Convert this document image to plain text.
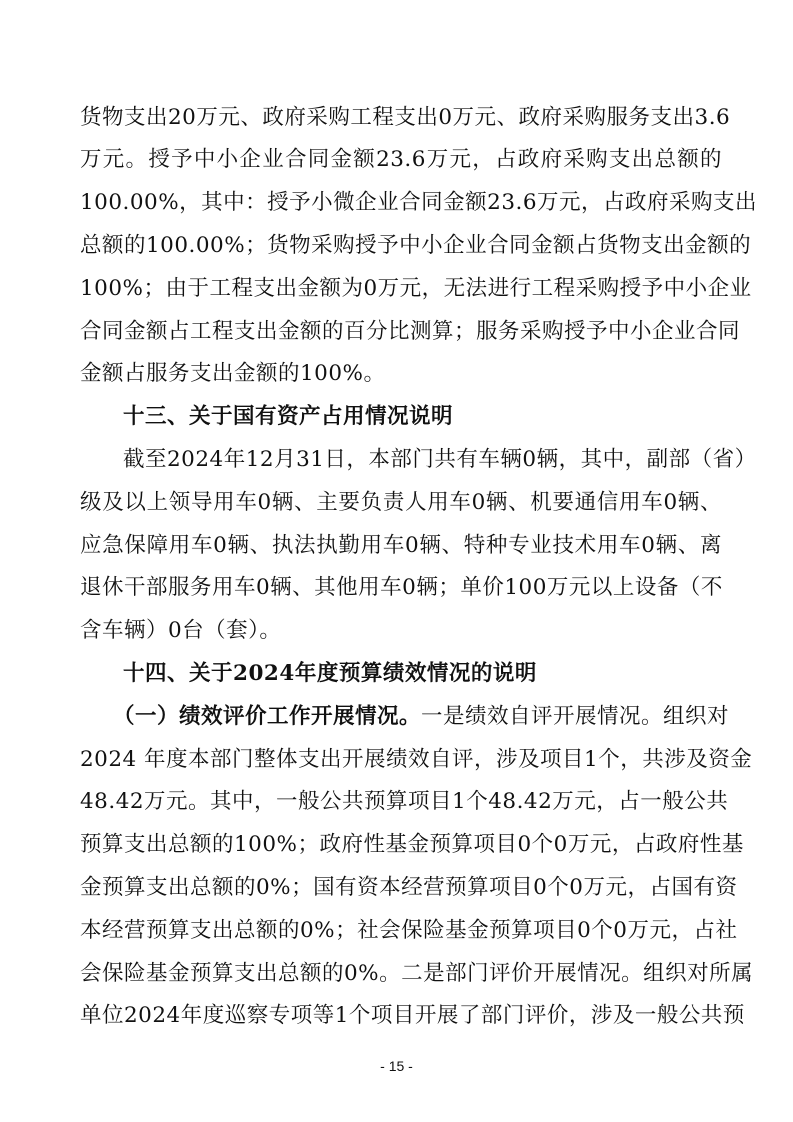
货物支出20万元、政府采购工程支出0万元、政府采购服务支出3.6
万元。授予中小企业合同金额23.6万元，占政府采购支出总额的
100.00%，其中：授予小微企业合同金额23.6万元，占政府采购支出
总额的100.00%；货物采购授予中小企业合同金额占货物支出金额的
100%；由于工程支出金额为0万元，无法进行工程采购授予中小企业
合同金额占工程支出金额的百分比测算；服务采购授予中小企业合同
金额占服务支出金额的100%。
十三、关于国有资产占用情况说明
截至2024年12月31日，本部门共有车辆0辆，其中，副部（省）
级及以上领导用车0辆、主要负责人用车0辆、机要通信用车0辆、
应急保障用车0辆、执法执勤用车0辆、特种专业技术用车0辆、离
退休干部服务用车0辆、其他用车0辆；单价100万元以上设备（不
含车辆）0台（套）。
十四、关于2024年度预算绩效情况的说明
（一）绩效评价工作开展情况。一是绩效自评开展情况。组织对
2024 年度本部门整体支出开展绩效自评，涉及项目1个，共涉及资金
48.42万元。其中，一般公共预算项目1个48.42万元，占一般公共
预算支出总额的100%；政府性基金预算项目0个0万元，占政府性基
金预算支出总额的0%；国有资本经营预算项目0个0万元，占国有资
本经营预算支出总额的0%；社会保险基金预算项目0个0万元，占社
会保险基金预算支出总额的0%。二是部门评价开展情况。组织对所属
单位2024年度巡察专项等1个项目开展了部门评价，涉及一般公共预
- 15 -
